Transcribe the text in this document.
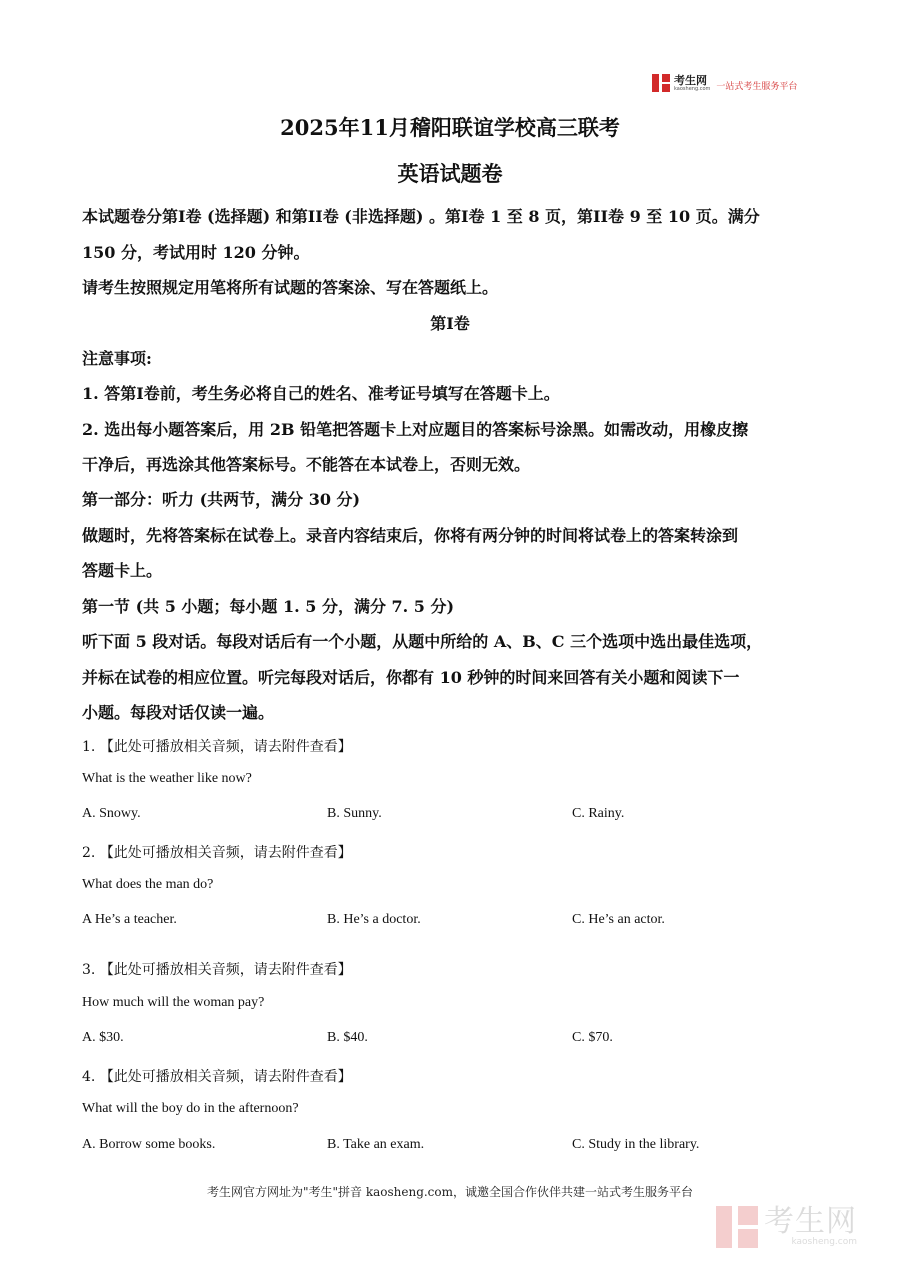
考生网
kaosheng.com 一站式考生服务平台
2025年11月稽阳联谊学校高三联考
英语试题卷
本试题卷分第I卷 (选择题) 和第II卷 (非选择题) 。第I卷 1 至 8 页，第II卷 9 至 10 页。满分
150 分，考试用时 120 分钟。
请考生按照规定用笔将所有试题的答案涂、写在答题纸上。
第I卷
注意事项:
1. 答第I卷前，考生务必将自己的姓名、准考证号填写在答题卡上。
2. 选出每小题答案后，用 2B 铅笔把答题卡上对应题目的答案标号涂黑。如需改动，用橡皮擦
干净后，再选涂其他答案标号。不能答在本试卷上，否则无效。
第一部分：听力 (共两节，满分 30 分)
做题时，先将答案标在试卷上。录音内容结束后，你将有两分钟的时间将试卷上的答案转涂到
答题卡上。
第一节 (共 5 小题；每小题 1. 5 分，满分 7. 5 分)
听下面 5 段对话。每段对话后有一个小题，从题中所给的 A、B、C 三个选项中选出最佳选项，
并标在试卷的相应位置。听完每段对话后，你都有 10 秒钟的时间来回答有关小题和阅读下一
小题。每段对话仅读一遍。
1. 【此处可播放相关音频，请去附件查看】
What is the weather like now?
A. Snowy.	B. Sunny.	C. Rainy.
2. 【此处可播放相关音频，请去附件查看】
What does the man do?
A He’s a teacher.	B. He’s a doctor.	C. He’s an actor.
3. 【此处可播放相关音频，请去附件查看】
How much will the woman pay?
A. $30.	B. $40.	C. $70.
4. 【此处可播放相关音频，请去附件查看】
What will the boy do in the afternoon?
A. Borrow some books.	B. Take an exam.	C. Study in the library.
考生网官方网址为"考生"拼音 kaosheng.com，诚邀全国合作伙伴共建一站式考生服务平台
考生网
kaosheng.com
